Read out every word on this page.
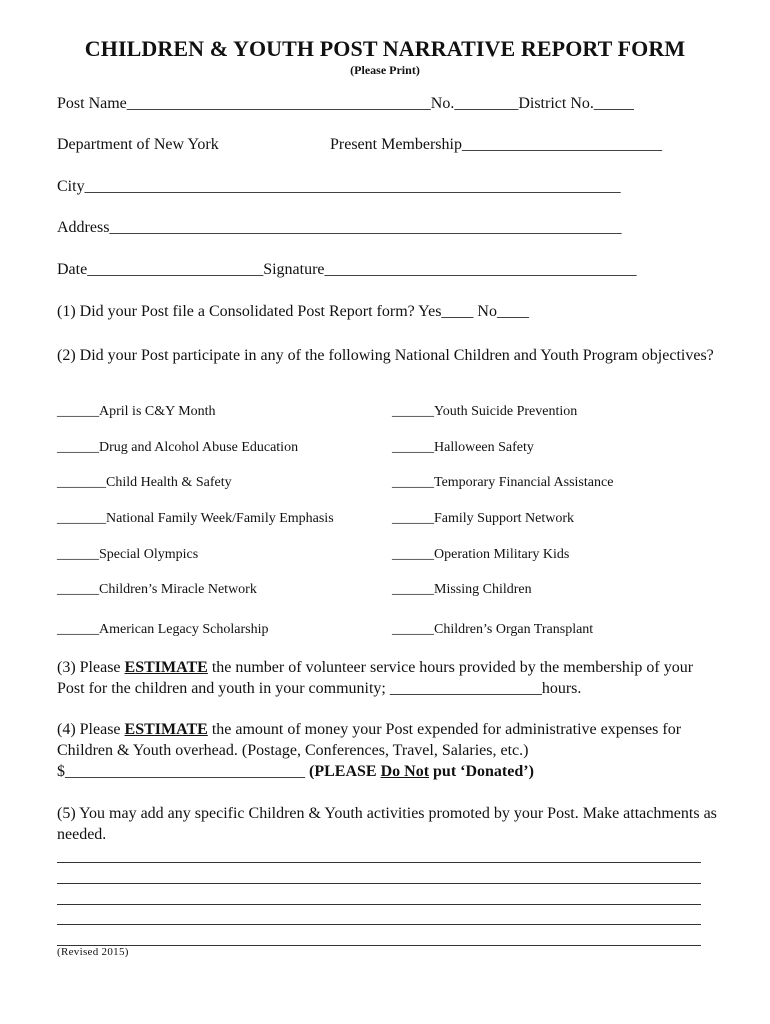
CHILDREN & YOUTH POST NARRATIVE REPORT FORM
(Please Print)
Post Name______________________________________No.________District No._____
Department of New York	Present Membership_________________________
City___________________________________________________________________
Address________________________________________________________________
Date______________________Signature_______________________________________
(1) Did your Post file a Consolidated Post Report form? Yes____ No____
(2) Did your Post participate in any of the following National Children and Youth Program objectives?
______April is C&Y Month
______Drug and Alcohol Abuse Education
_______Child Health & Safety
_______National Family Week/Family Emphasis
______Special Olympics
______Children’s Miracle Network
______American Legacy Scholarship
______Youth Suicide Prevention
______Halloween Safety
______Temporary Financial Assistance
______Family Support Network
______Operation Military Kids
______Missing Children
______Children’s Organ Transplant
(3) Please ESTIMATE the number of volunteer service hours provided by the membership of your Post for the children and youth in your community; ___________________hours.
(4) Please ESTIMATE the amount of money your Post expended for administrative expenses for Children & Youth overhead. (Postage, Conferences, Travel, Salaries, etc.)
$______________________________ (PLEASE Do Not put ‘Donated’)
(5) You may add any specific Children & Youth activities promoted by your Post. Make attachments as needed.
(Revised 2015)
